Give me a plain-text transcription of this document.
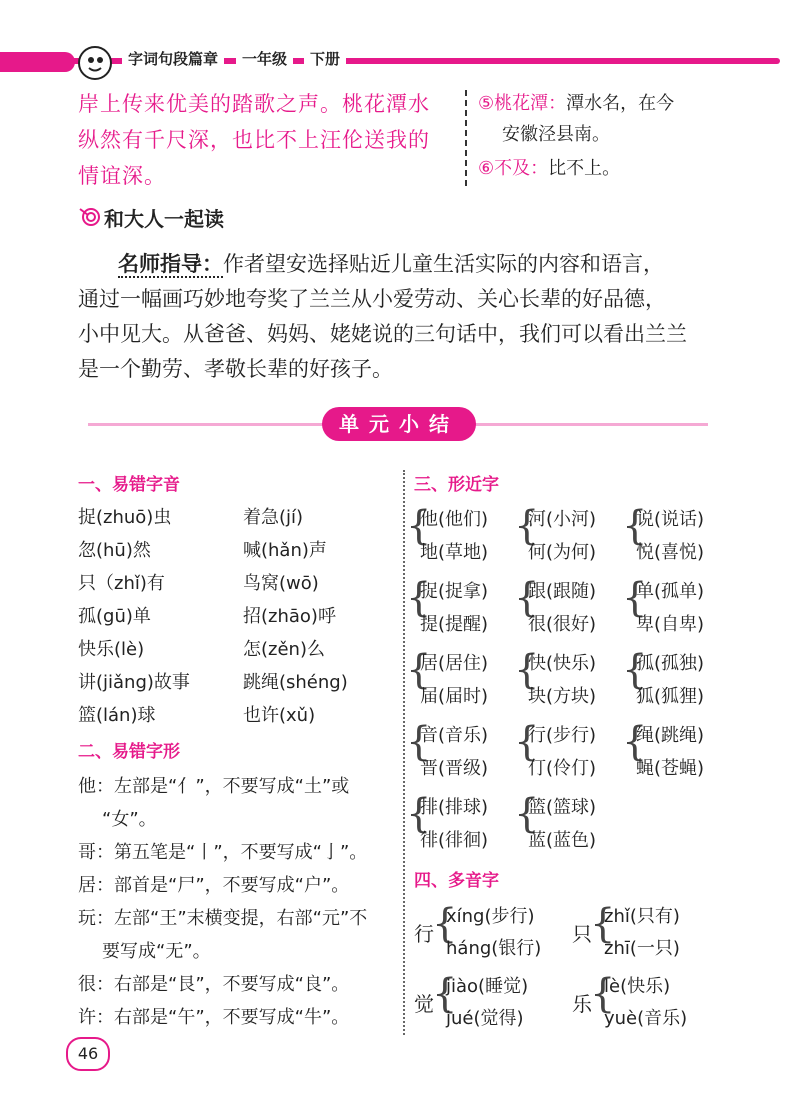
字词句段篇章	一年级	下册
岸上传来优美的踏歌之声。桃花潭水
纵然有千尺深，也比不上汪伦送我的
情谊深。
⑤桃花潭：潭水名，在今
安徽泾县南。
⑥不及：比不上。
和大人一起读
名师指导：作者望安选择贴近儿童生活实际的内容和语言，
通过一幅画巧妙地夸奖了兰兰从小爱劳动、关心长辈的好品德，
小中见大。从爸爸、妈妈、姥姥说的三句话中，我们可以看出兰兰
是一个勤劳、孝敬长辈的好孩子。
单元小结
一、易错字音
捉(zhuō)虫
忽(hū)然
只（zhǐ)有
孤(gū)单
快乐(lè)
讲(jiǎng)故事
篮(lán)球
着急(jí)
喊(hǎn)声
鸟窝(wō)
招(zhāo)呼
怎(zěn)么
跳绳(shéng)
也许(xǔ)
二、易错字形
他：左部是“亻”，不要写成“土”或
“女”。
哥：第五笔是“丨”，不要写成“亅”。
居：部首是“尸”，不要写成“户”。
玩：左部“王”末横变提，右部“元”不
要写成“无”。
很：右部是“艮”，不要写成“良”。
许：右部是“午”，不要写成“牛”。
三、形近字
{
他(他们)
地(草地)
{
河(小河)
何(为何)
{
说(说话)
悦(喜悦)
{
捉(捉拿)
提(提醒)
{
跟(跟随)
很(很好)
{
单(孤单)
卑(自卑)
{
居(居住)
届(届时)
{
快(快乐)
块(方块)
{
孤(孤独)
狐(狐狸)
{
音(音乐)
晋(晋级)
{
行(步行)
仃(伶仃)
{
绳(跳绳)
蝇(苍蝇)
{
排(排球)
徘(徘徊)
{
篮(篮球)
蓝(蓝色)
四、多音字
行
{
xíng(步行)
háng(银行)
只
{
zhǐ(只有)
zhī(一只)
觉
{
jiào(睡觉)
jué(觉得)
乐
{
lè(快乐)
yuè(音乐)
46
